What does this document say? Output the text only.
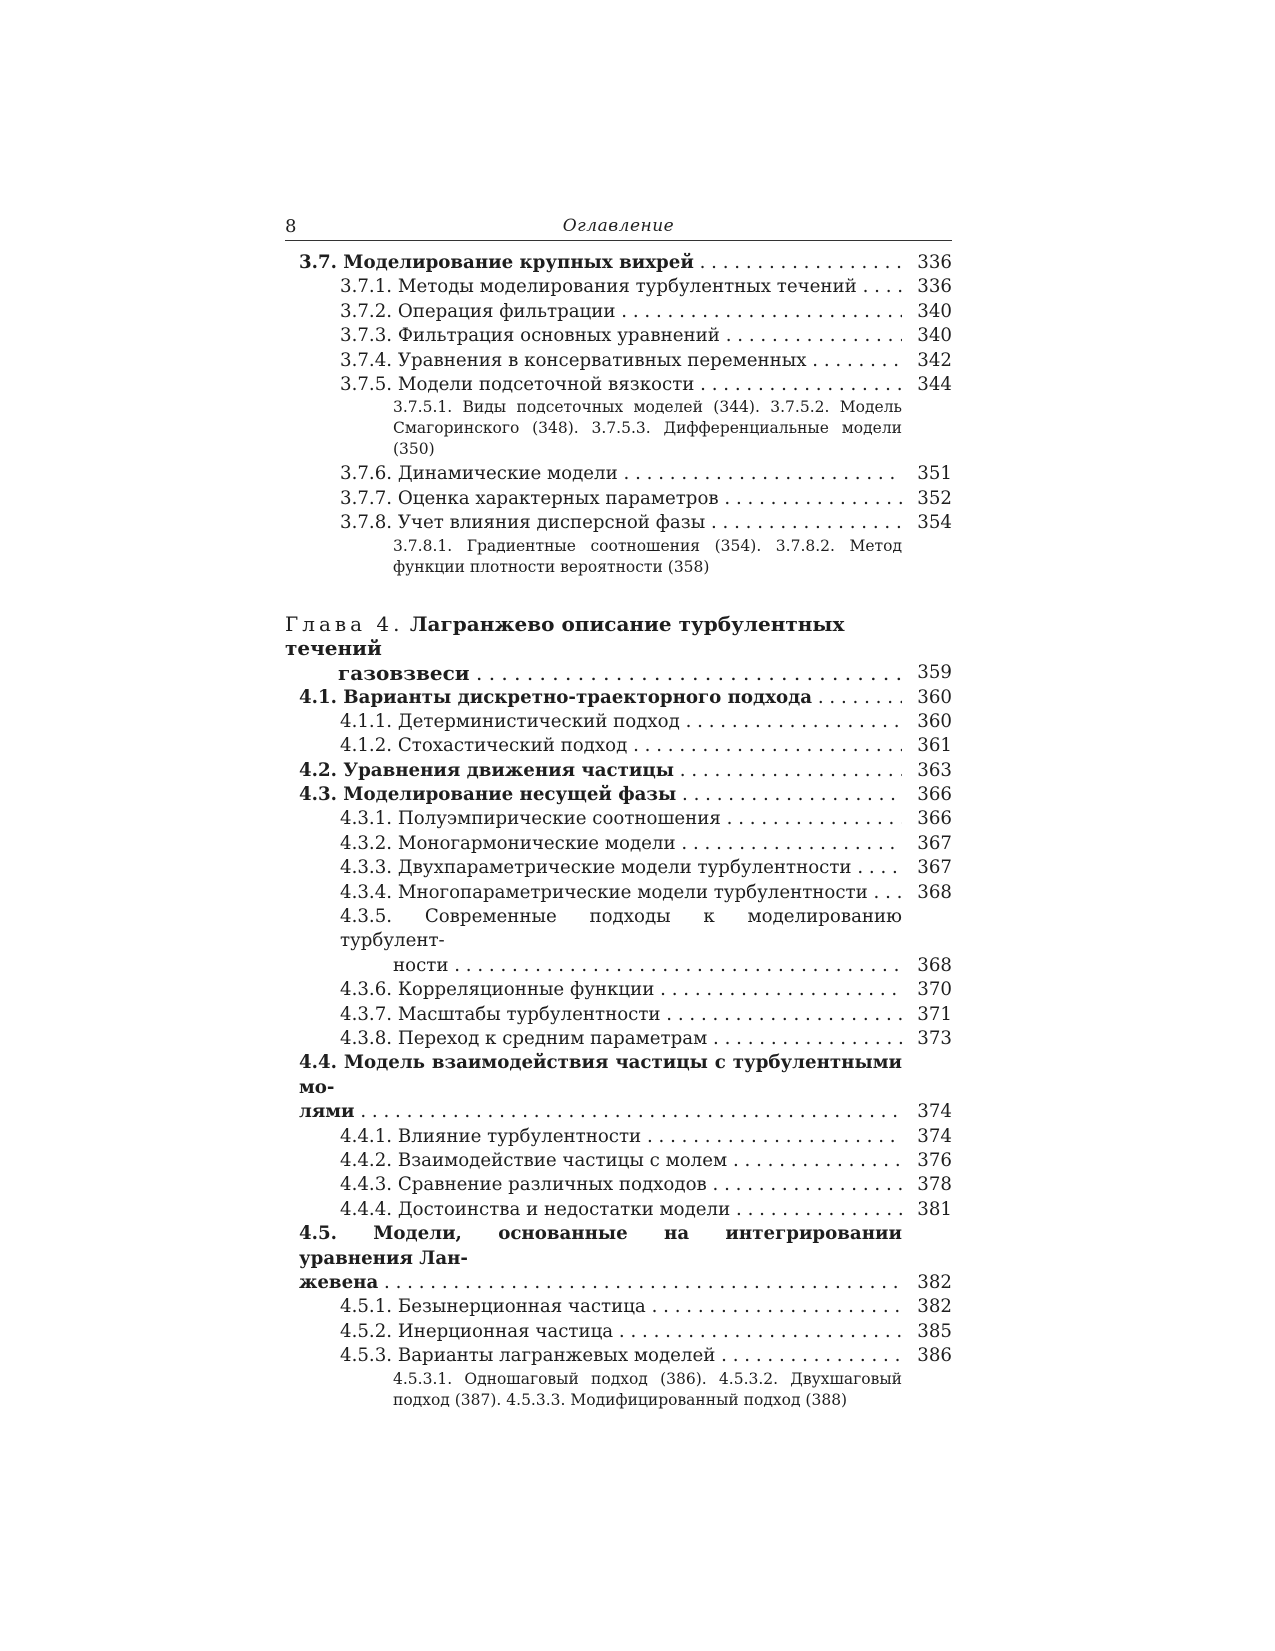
8	Оглавление
3.7. Моделирование крупных вихрей . . .	336
3.7.1. Методы моделирования турбулентных течений . . .	336
3.7.2. Операция фильтрации . . .	340
3.7.3. Фильтрация основных уравнений . . .	340
3.7.4. Уравнения в консервативных переменных . . .	342
3.7.5. Модели подсеточной вязкости . . .	344
3.7.5.1. Виды подсеточных моделей (344). 3.7.5.2. Модель Смагоринского (348). 3.7.5.3. Дифференциальные модели (350)
3.7.6. Динамические модели . . .	351
3.7.7. Оценка характерных параметров . . .	352
3.7.8. Учет влияния дисперсной фазы . . .	354
3.7.8.1. Градиентные соотношения (354). 3.7.8.2. Метод функции плотности вероятности (358)
Глава 4. Лагранжево описание турбулентных течений
газовзвеси . . .	359
4.1. Варианты дискретно-траекторного подхода . . .	360
4.1.1. Детерминистический подход . . .	360
4.1.2. Стохастический подход . . .	361
4.2. Уравнения движения частицы . . .	363
4.3. Моделирование несущей фазы . . .	366
4.3.1. Полуэмпирические соотношения . . .	366
4.3.2. Моногармонические модели . . .	367
4.3.3. Двухпараметрические модели турбулентности . . .	367
4.3.4. Многопараметрические модели турбулентности . . .	368
4.3.5. Современные подходы к моделированию турбулент-
ности . . .	368
4.3.6. Корреляционные функции . . .	370
4.3.7. Масштабы турбулентности . . .	371
4.3.8. Переход к средним параметрам . . .	373
4.4. Модель взаимодействия частицы с турбулентными мо-
лями . . .	374
4.4.1. Влияние турбулентности . . .	374
4.4.2. Взаимодействие частицы с молем . . .	376
4.4.3. Сравнение различных подходов . . .	378
4.4.4. Достоинства и недостатки модели . . .	381
4.5. Модели, основанные на интегрировании уравнения Лан-
жевена . . .	382
4.5.1. Безынерционная частица . . .	382
4.5.2. Инерционная частица . . .	385
4.5.3. Варианты лагранжевых моделей . . .	386
4.5.3.1. Одношаговый подход (386). 4.5.3.2. Двухшаговый подход (387). 4.5.3.3. Модифицированный подход (388)
